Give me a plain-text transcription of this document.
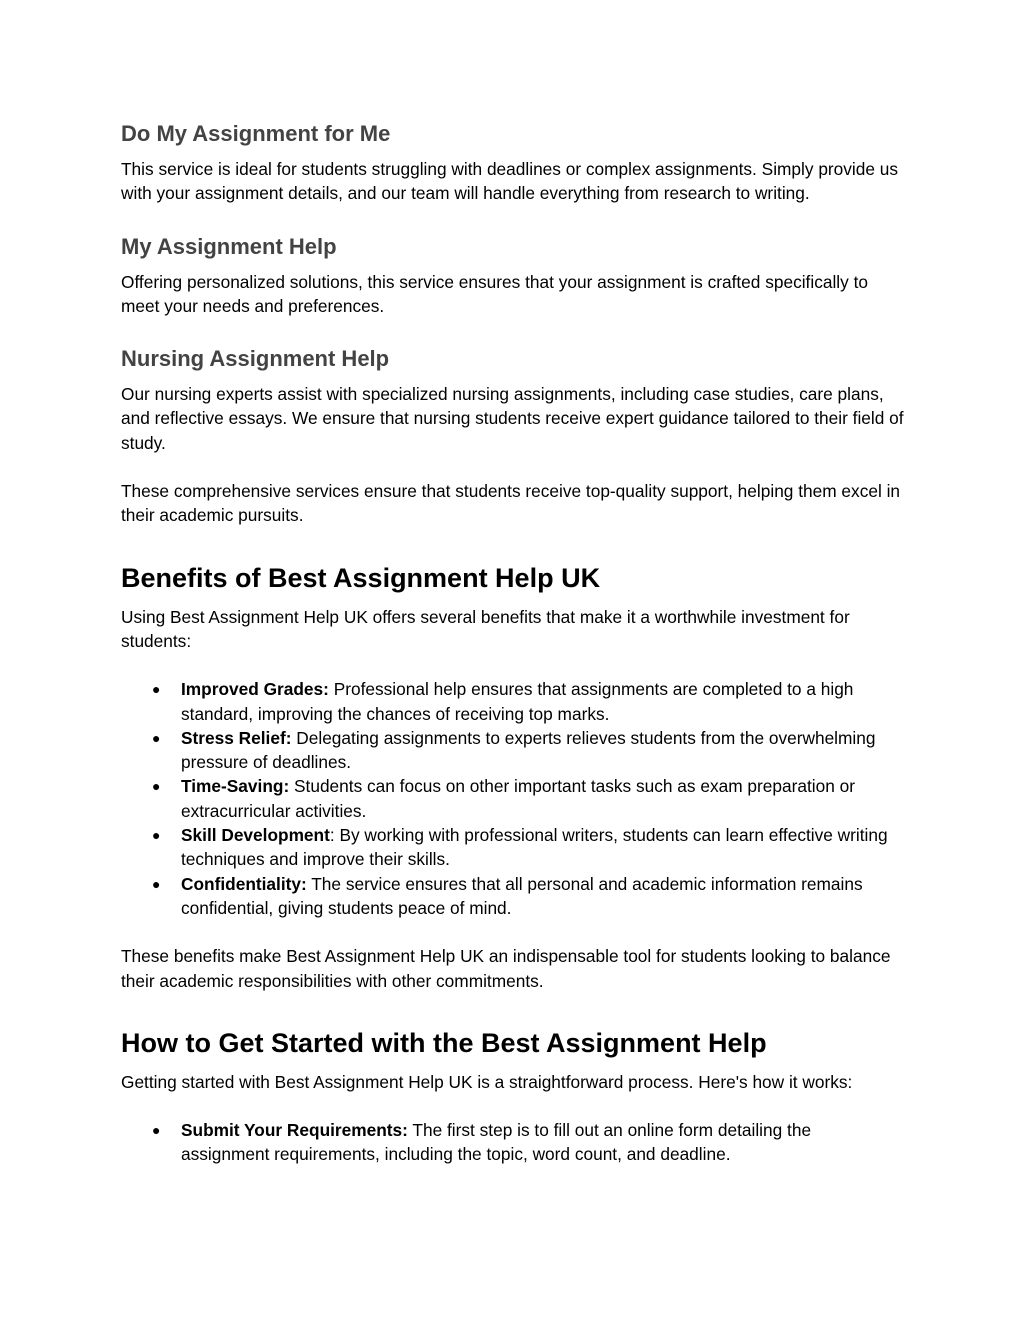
Do My Assignment for Me

This service is ideal for students struggling with deadlines or complex assignments. Simply provide us with your assignment details, and our team will handle everything from research to writing.

My Assignment Help

Offering personalized solutions, this service ensures that your assignment is crafted specifically to meet your needs and preferences.

Nursing Assignment Help

Our nursing experts assist with specialized nursing assignments, including case studies, care plans, and reflective essays. We ensure that nursing students receive expert guidance tailored to their field of study.

These comprehensive services ensure that students receive top-quality support, helping them excel in their academic pursuits.

Benefits of Best Assignment Help UK

Using Best Assignment Help UK offers several benefits that make it a worthwhile investment for students:

● Improved Grades: Professional help ensures that assignments are completed to a high standard, improving the chances of receiving top marks.
● Stress Relief: Delegating assignments to experts relieves students from the overwhelming pressure of deadlines.
● Time-Saving: Students can focus on other important tasks such as exam preparation or extracurricular activities.
● Skill Development: By working with professional writers, students can learn effective writing techniques and improve their skills.
● Confidentiality: The service ensures that all personal and academic information remains confidential, giving students peace of mind.

These benefits make Best Assignment Help UK an indispensable tool for students looking to balance their academic responsibilities with other commitments.

How to Get Started with the Best Assignment Help

Getting started with Best Assignment Help UK is a straightforward process. Here's how it works:

● Submit Your Requirements: The first step is to fill out an online form detailing the assignment requirements, including the topic, word count, and deadline.
